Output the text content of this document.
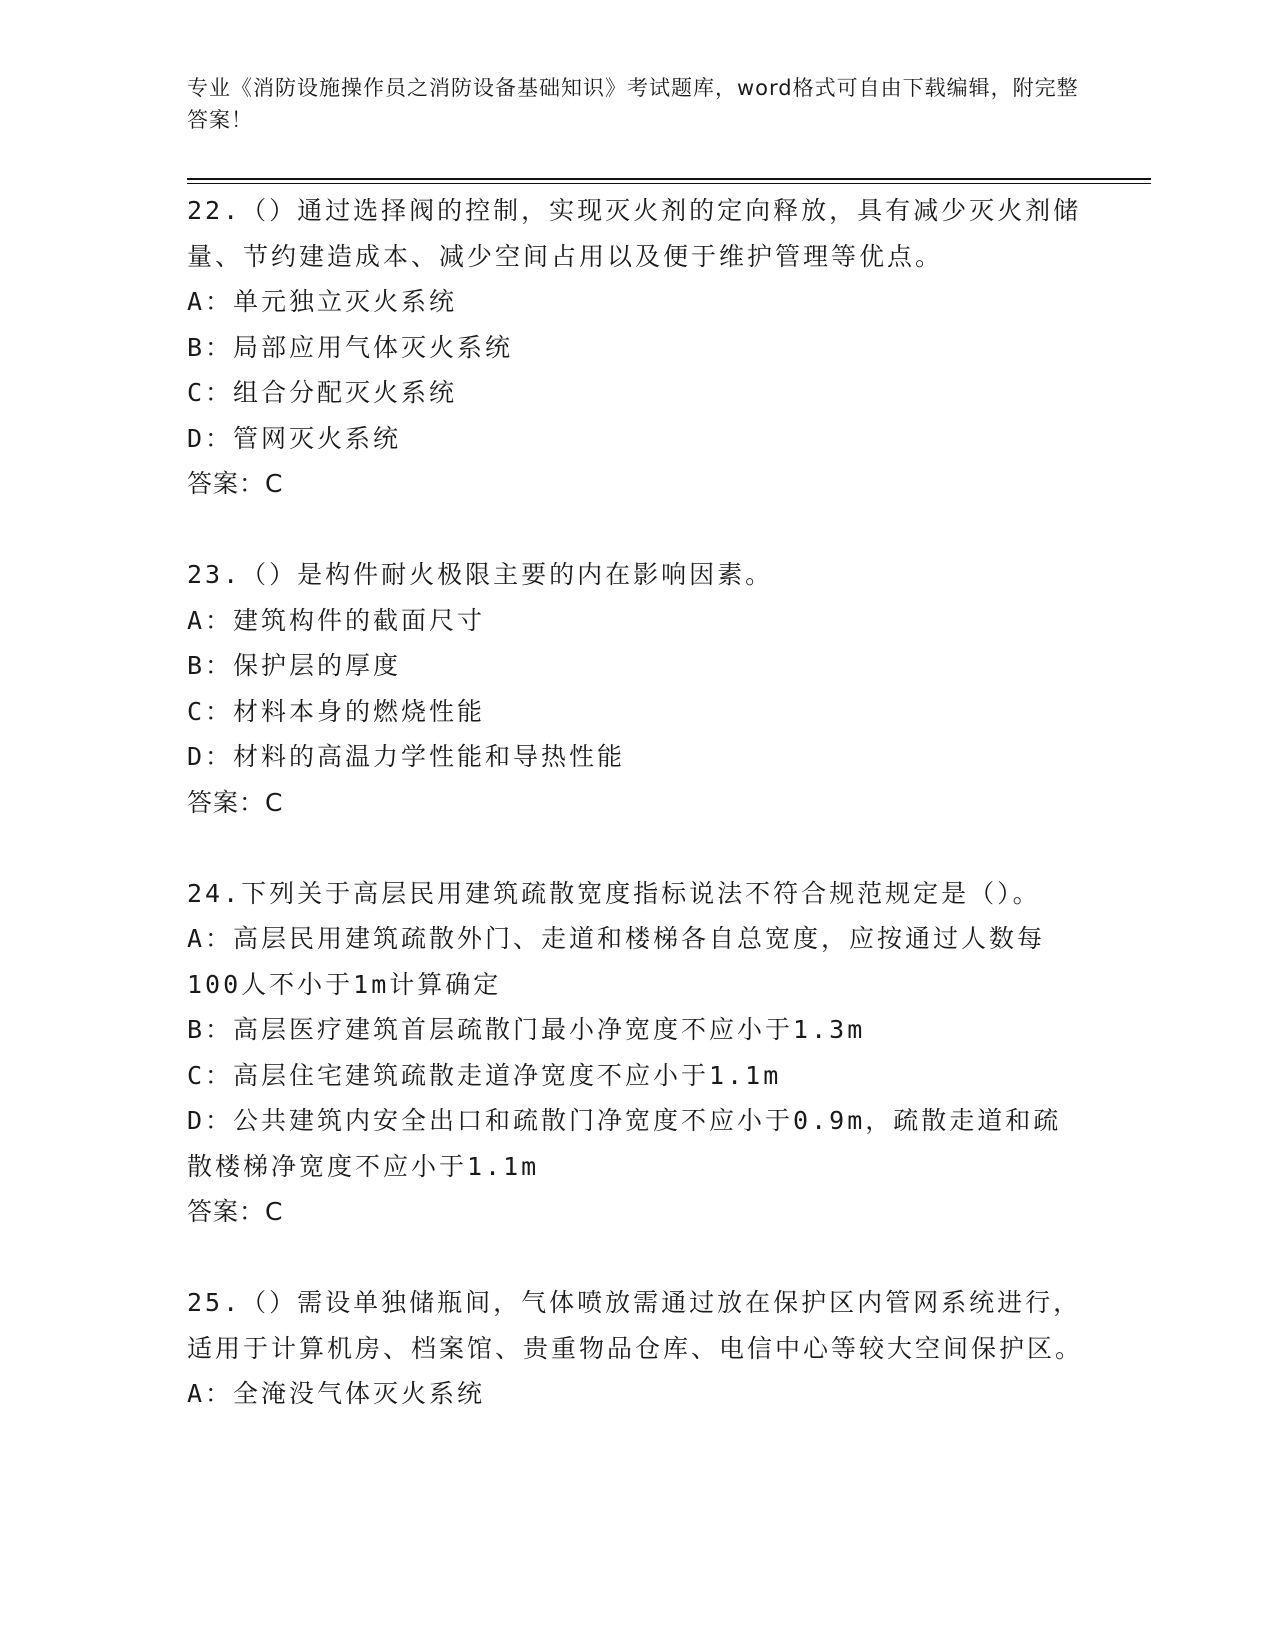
专业《消防设施操作员之消防设备基础知识》考试题库，word格式可自由下载编辑，附完整答案！

22.（）通过选择阀的控制，实现灭火剂的定向释放，具有减少灭火剂储量、节约建造成本、减少空间占用以及便于维护管理等优点。

A：单元独立灭火系统

B：局部应用气体灭火系统

C：组合分配灭火系统

D：管网灭火系统

答案：C

23.（）是构件耐火极限主要的内在影响因素。

A：建筑构件的截面尺寸

B：保护层的厚度

C：材料本身的燃烧性能

D：材料的高温力学性能和导热性能

答案：C

24.下列关于高层民用建筑疏散宽度指标说法不符合规范规定是（）。

A：高层民用建筑疏散外门、走道和楼梯各自总宽度，应按通过人数每100人不小于1m计算确定

B：高层医疗建筑首层疏散门最小净宽度不应小于1.3m

C：高层住宅建筑疏散走道净宽度不应小于1.1m

D：公共建筑内安全出口和疏散门净宽度不应小于0.9m，疏散走道和疏散楼梯净宽度不应小于1.1m

答案：C

25.（）需设单独储瓶间，气体喷放需通过放在保护区内管网系统进行，适用于计算机房、档案馆、贵重物品仓库、电信中心等较大空间保护区。

A：全淹没气体灭火系统
